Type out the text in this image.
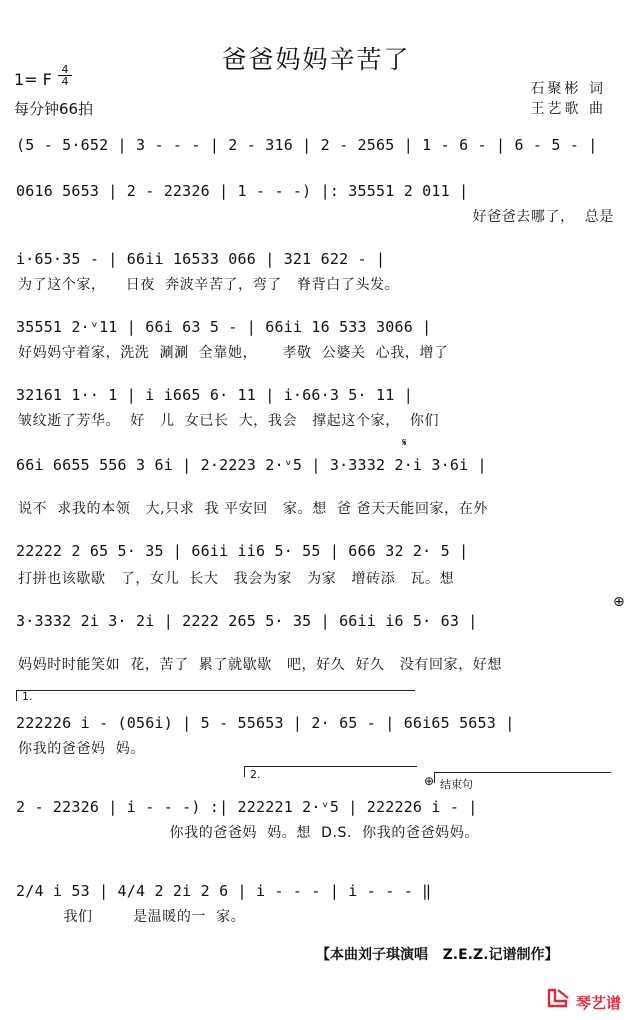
爸爸妈妈辛苦了
1= F
4
4
每分钟66拍
石聚彬 词
王艺歌 曲
(5 - 5·652 | 3 - - - | 2 - 316 | 2 - 2565 | 1 - 6 - | 6 - 5 - |
0616 5653 | 2 - 22326 | 1 - - -) |: 35551 2 011 |
好爸爸去哪了，  总是
i·65·35 - | 66ii 16533 066 | 321 622 - |
为了这个家，    日夜  奔波辛苦了，弯了   脊背白了头发。
35551 2·ᵛ11 | 66i 63 5 - | 66ii 16 533 3066 |
好妈妈守着家，洗洗  涮涮  全靠她，     孝敬  公婆关  心我，增了
32161 1·· 1 | i i665 6· 11 | i·66·3 5· 11 |
皱纹逝了芳华。  好   儿  女已长  大，我会   撑起这个家，  你们
𝄋
66i 6655 556 3 6i | 2·2223 2·ᵛ5 | 3·3332 2·i 3·6i |
说不  求我的本领   大,只求  我 平安回   家。想  爸 爸天天能回家，在外
22222 2 65 5· 35 | 66ii ii6 5· 55 | 666 32 2· 5 |
打拼也该歇歇   了，女儿  长大   我会为家   为家   增砖添   瓦。想
3·3332 2i 3· 2i | 2222 265 5· 35 | 66ii i6 5· 63 |
妈妈时时能笑如  花，苦了  累了就歇歇   吧，好久  好久   没有回家，好想
⊕
1.
222226 i - (056i) | 5 - 55653 | 2· 65 - | 66i65 5653 |
你我的爸爸妈  妈。
2.	⊕ 结束句
2 - 22326 | i - - -) :| 222221 2·ᵛ5 | 222226 i - |
你我的爸爸妈  妈。想  D.S.  你我的爸爸妈妈。
2/4 i 53 | 4/4 2 2i 2 6 | i - - - | i - - - ‖
我们        是温暖的一  家。
【本曲刘子琪演唱   Z.E.Z.记谱制作】
琴艺谱
